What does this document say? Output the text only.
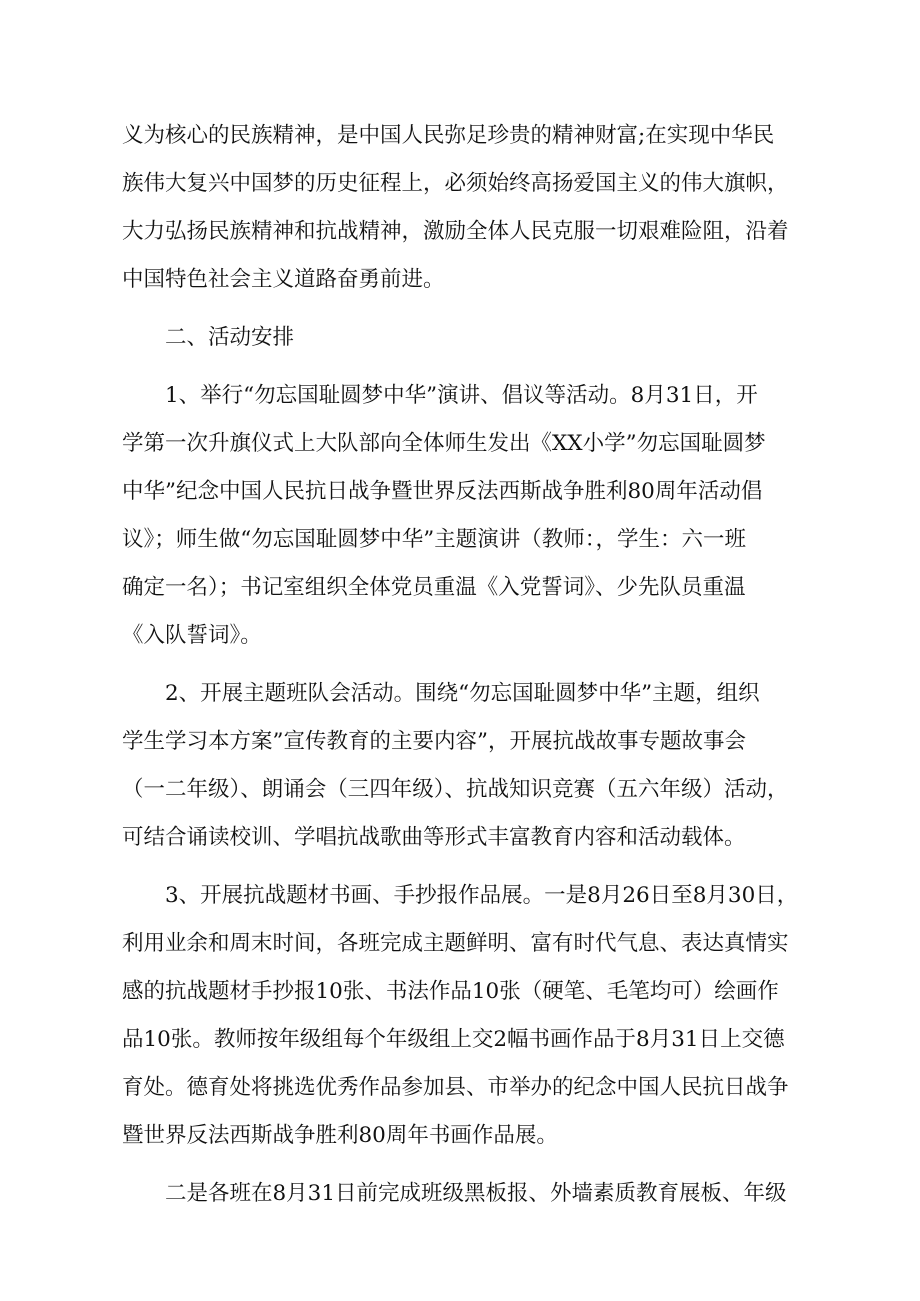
义为核心的民族精神，是中国人民弥足珍贵的精神财富;在实现中华民
族伟大复兴中国梦的历史征程上，必须始终高扬爱国主义的伟大旗帜，
大力弘扬民族精神和抗战精神，激励全体人民克服一切艰难险阻，沿着
中国特色社会主义道路奋勇前进。
　　二、活动安排
　　1、举行“勿忘国耻圆梦中华”演讲、倡议等活动。8月31日，开
学第一次升旗仪式上大队部向全体师生发出《XX小学”勿忘国耻圆梦
中华”纪念中国人民抗日战争暨世界反法西斯战争胜利80周年活动倡
议》；师生做“勿忘国耻圆梦中华”主题演讲（教师：，学生：六一班
确定一名）；书记室组织全体党员重温《入党誓词》、少先队员重温
《入队誓词》。
　　2、开展主题班队会活动。围绕“勿忘国耻圆梦中华”主题，组织
学生学习本方案”宣传教育的主要内容”，开展抗战故事专题故事会
（一二年级）、朗诵会（三四年级）、抗战知识竞赛（五六年级）活动，
可结合诵读校训、学唱抗战歌曲等形式丰富教育内容和活动载体。
　　3、开展抗战题材书画、手抄报作品展。一是8月26日至8月30日，
利用业余和周末时间，各班完成主题鲜明、富有时代气息、表达真情实
感的抗战题材手抄报10张、书法作品10张（硬笔、毛笔均可）绘画作
品10张。教师按年级组每个年级组上交2幅书画作品于8月31日上交德
育处。德育处将挑选优秀作品参加县、市举办的纪念中国人民抗日战争
暨世界反法西斯战争胜利80周年书画作品展。
　　二是各班在8月31日前完成班级黑板报、外墙素质教育展板、年级
